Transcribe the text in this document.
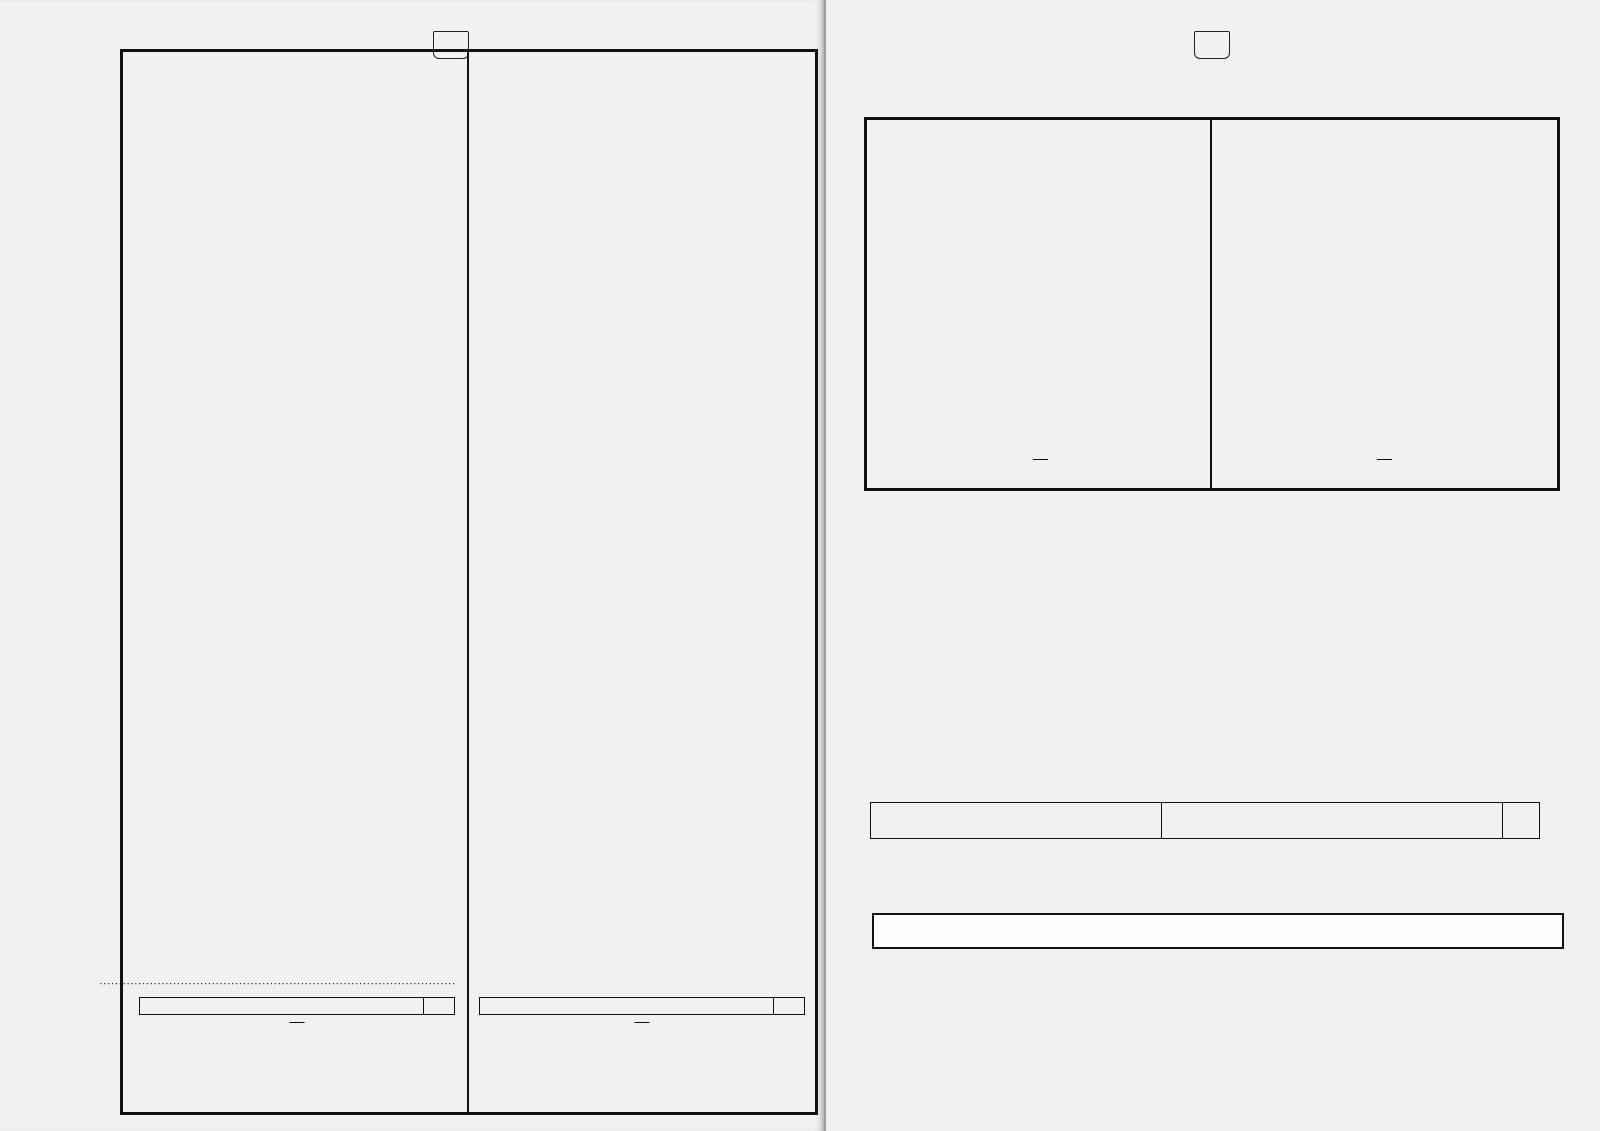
............................................................................................
